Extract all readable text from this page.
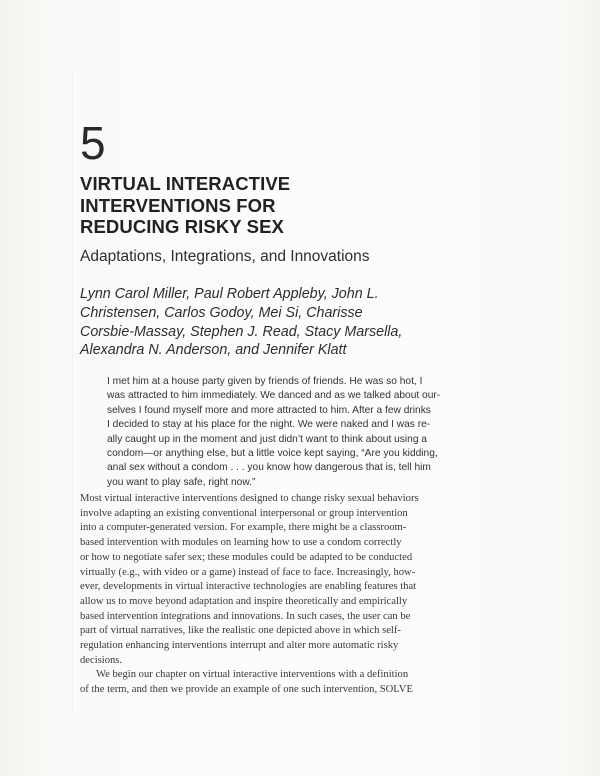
5
VIRTUAL INTERACTIVE
INTERVENTIONS FOR
REDUCING RISKY SEX
Adaptations, Integrations, and Innovations
Lynn Carol Miller, Paul Robert Appleby, John L.
Christensen, Carlos Godoy, Mei Si, Charisse
Corsbie-Massay, Stephen J. Read, Stacy Marsella,
Alexandra N. Anderson, and Jennifer Klatt
I met him at a house party given by friends of friends. He was so hot, I
was attracted to him immediately. We danced and as we talked about our-
selves I found myself more and more attracted to him. After a few drinks
I decided to stay at his place for the night. We were naked and I was re-
ally caught up in the moment and just didn’t want to think about using a
condom—or anything else, but a little voice kept saying, “Are you kidding,
anal sex without a condom . . . you know how dangerous that is, tell him
you want to play safe, right now.”
Most virtual interactive interventions designed to change risky sexual behaviors
involve adapting an existing conventional interpersonal or group intervention
into a computer-generated version. For example, there might be a classroom-
based intervention with modules on learning how to use a condom correctly
or how to negotiate safer sex; these modules could be adapted to be conducted
virtually (e.g., with video or a game) instead of face to face. Increasingly, how-
ever, developments in virtual interactive technologies are enabling features that
allow us to move beyond adaptation and inspire theoretically and empirically
based intervention integrations and innovations. In such cases, the user can be
part of virtual narratives, like the realistic one depicted above in which self-
regulation enhancing interventions interrupt and alter more automatic risky
decisions.
We begin our chapter on virtual interactive interventions with a definition
of the term, and then we provide an example of one such intervention, SOLVE
